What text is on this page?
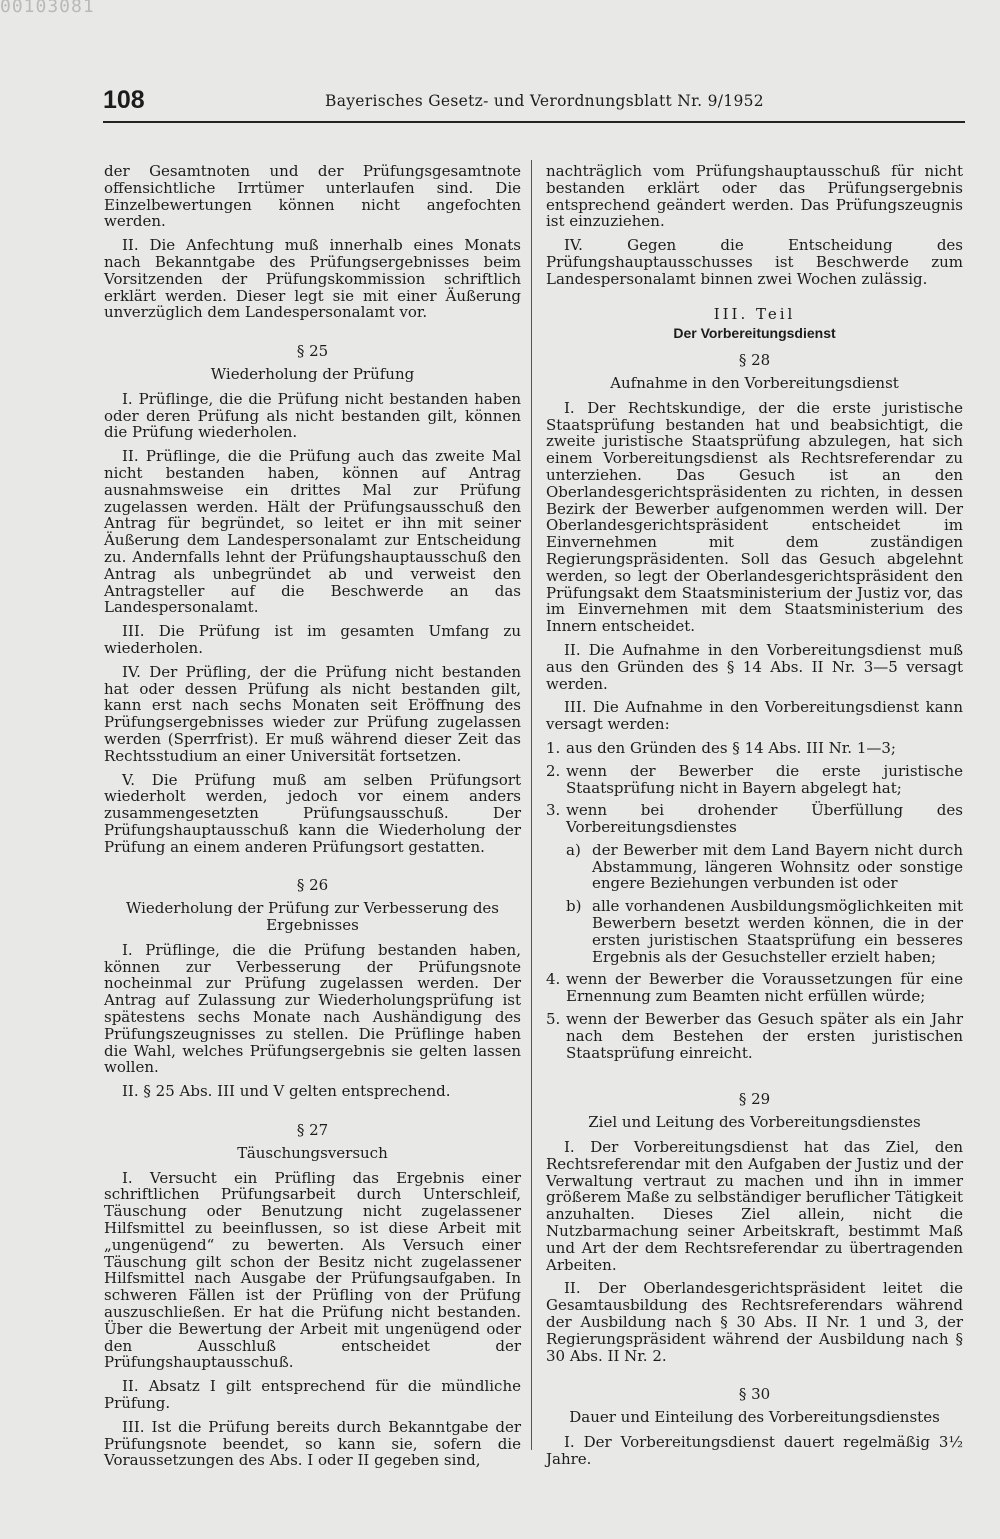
00103081
108	Bayerisches Gesetz- und Verordnungsblatt Nr. 9/1952

der Gesamtnoten und der Prüfungsgesamtnote offensichtliche Irrtümer unterlaufen sind. Die Einzelbewertungen können nicht angefochten werden.

II. Die Anfechtung muß innerhalb eines Monats nach Bekanntgabe des Prüfungsergebnisses beim Vorsitzenden der Prüfungskommission schriftlich erklärt werden. Dieser legt sie mit einer Äußerung unverzüglich dem Landespersonalamt vor.

§ 25
Wiederholung der Prüfung

I. Prüflinge, die die Prüfung nicht bestanden haben oder deren Prüfung als nicht bestanden gilt, können die Prüfung wiederholen.

II. Prüflinge, die die Prüfung auch das zweite Mal nicht bestanden haben, können auf Antrag ausnahmsweise ein drittes Mal zur Prüfung zugelassen werden. Hält der Prüfungsausschuß den Antrag für begründet, so leitet er ihn mit seiner Äußerung dem Landespersonalamt zur Entscheidung zu. Andernfalls lehnt der Prüfungshauptausschuß den Antrag als unbegründet ab und verweist den Antragsteller auf die Beschwerde an das Landespersonalamt.

III. Die Prüfung ist im gesamten Umfang zu wiederholen.

IV. Der Prüfling, der die Prüfung nicht bestanden hat oder dessen Prüfung als nicht bestanden gilt, kann erst nach sechs Monaten seit Eröffnung des Prüfungsergebnisses wieder zur Prüfung zugelassen werden (Sperrfrist). Er muß während dieser Zeit das Rechtsstudium an einer Universität fortsetzen.

V. Die Prüfung muß am selben Prüfungsort wiederholt werden, jedoch vor einem anders zusammengesetzten Prüfungsausschuß. Der Prüfungshauptausschuß kann die Wiederholung der Prüfung an einem anderen Prüfungsort gestatten.

§ 26
Wiederholung der Prüfung zur Verbesserung des Ergebnisses

I. Prüflinge, die die Prüfung bestanden haben, können zur Verbesserung der Prüfungsnote nocheinmal zur Prüfung zugelassen werden. Der Antrag auf Zulassung zur Wiederholungsprüfung ist spätestens sechs Monate nach Aushändigung des Prüfungszeugnisses zu stellen. Die Prüflinge haben die Wahl, welches Prüfungsergebnis sie gelten lassen wollen.

II. § 25 Abs. III und V gelten entsprechend.

§ 27
Täuschungsversuch

I. Versucht ein Prüfling das Ergebnis einer schriftlichen Prüfungsarbeit durch Unterschleif, Täuschung oder Benutzung nicht zugelassener Hilfsmittel zu beeinflussen, so ist diese Arbeit mit „ungenügend“ zu bewerten. Als Versuch einer Täuschung gilt schon der Besitz nicht zugelassener Hilfsmittel nach Ausgabe der Prüfungsaufgaben. In schweren Fällen ist der Prüfling von der Prüfung auszuschließen. Er hat die Prüfung nicht bestanden. Über die Bewertung der Arbeit mit ungenügend oder den Ausschluß entscheidet der Prüfungshauptausschuß.

II. Absatz I gilt entsprechend für die mündliche Prüfung.

III. Ist die Prüfung bereits durch Bekanntgabe der Prüfungsnote beendet, so kann sie, sofern die Voraussetzungen des Abs. I oder II gegeben sind,

nachträglich vom Prüfungshauptausschuß für nicht bestanden erklärt oder das Prüfungsergebnis entsprechend geändert werden. Das Prüfungszeugnis ist einzuziehen.

IV. Gegen die Entscheidung des Prüfungshauptausschusses ist Beschwerde zum Landespersonalamt binnen zwei Wochen zulässig.

III. Teil
Der Vorbereitungsdienst
§ 28
Aufnahme in den Vorbereitungsdienst

I. Der Rechtskundige, der die erste juristische Staatsprüfung bestanden hat und beabsichtigt, die zweite juristische Staatsprüfung abzulegen, hat sich einem Vorbereitungsdienst als Rechtsreferendar zu unterziehen. Das Gesuch ist an den Oberlandesgerichtspräsidenten zu richten, in dessen Bezirk der Bewerber aufgenommen werden will. Der Oberlandesgerichtspräsident entscheidet im Einvernehmen mit dem zuständigen Regierungspräsidenten. Soll das Gesuch abgelehnt werden, so legt der Oberlandesgerichtspräsident den Prüfungsakt dem Staatsministerium der Justiz vor, das im Einvernehmen mit dem Staatsministerium des Innern entscheidet.

II. Die Aufnahme in den Vorbereitungsdienst muß aus den Gründen des § 14 Abs. II Nr. 3—5 versagt werden.

III. Die Aufnahme in den Vorbereitungsdienst kann versagt werden:

1. aus den Gründen des § 14 Abs. III Nr. 1—3;
2. wenn der Bewerber die erste juristische Staatsprüfung nicht in Bayern abgelegt hat;
3. wenn bei drohender Überfüllung des Vorbereitungsdienstes
a) der Bewerber mit dem Land Bayern nicht durch Abstammung, längeren Wohnsitz oder sonstige engere Beziehungen verbunden ist oder
b) alle vorhandenen Ausbildungsmöglichkeiten mit Bewerbern besetzt werden können, die in der ersten juristischen Staatsprüfung ein besseres Ergebnis als der Gesuchsteller erzielt haben;
4. wenn der Bewerber die Voraussetzungen für eine Ernennung zum Beamten nicht erfüllen würde;
5. wenn der Bewerber das Gesuch später als ein Jahr nach dem Bestehen der ersten juristischen Staatsprüfung einreicht.
§ 29
Ziel und Leitung des Vorbereitungsdienstes

I. Der Vorbereitungsdienst hat das Ziel, den Rechtsreferendar mit den Aufgaben der Justiz und der Verwaltung vertraut zu machen und ihn in immer größerem Maße zu selbständiger beruflicher Tätigkeit anzuhalten. Dieses Ziel allein, nicht die Nutzbarmachung seiner Arbeitskraft, bestimmt Maß und Art der dem Rechtsreferendar zu übertragenden Arbeiten.

II. Der Oberlandesgerichtspräsident leitet die Gesamtausbildung des Rechtsreferendars während der Ausbildung nach § 30 Abs. II Nr. 1 und 3, der Regierungspräsident während der Ausbildung nach § 30 Abs. II Nr. 2.

§ 30
Dauer und Einteilung des Vorbereitungsdienstes

I. Der Vorbereitungsdienst dauert regelmäßig 3½ Jahre.
